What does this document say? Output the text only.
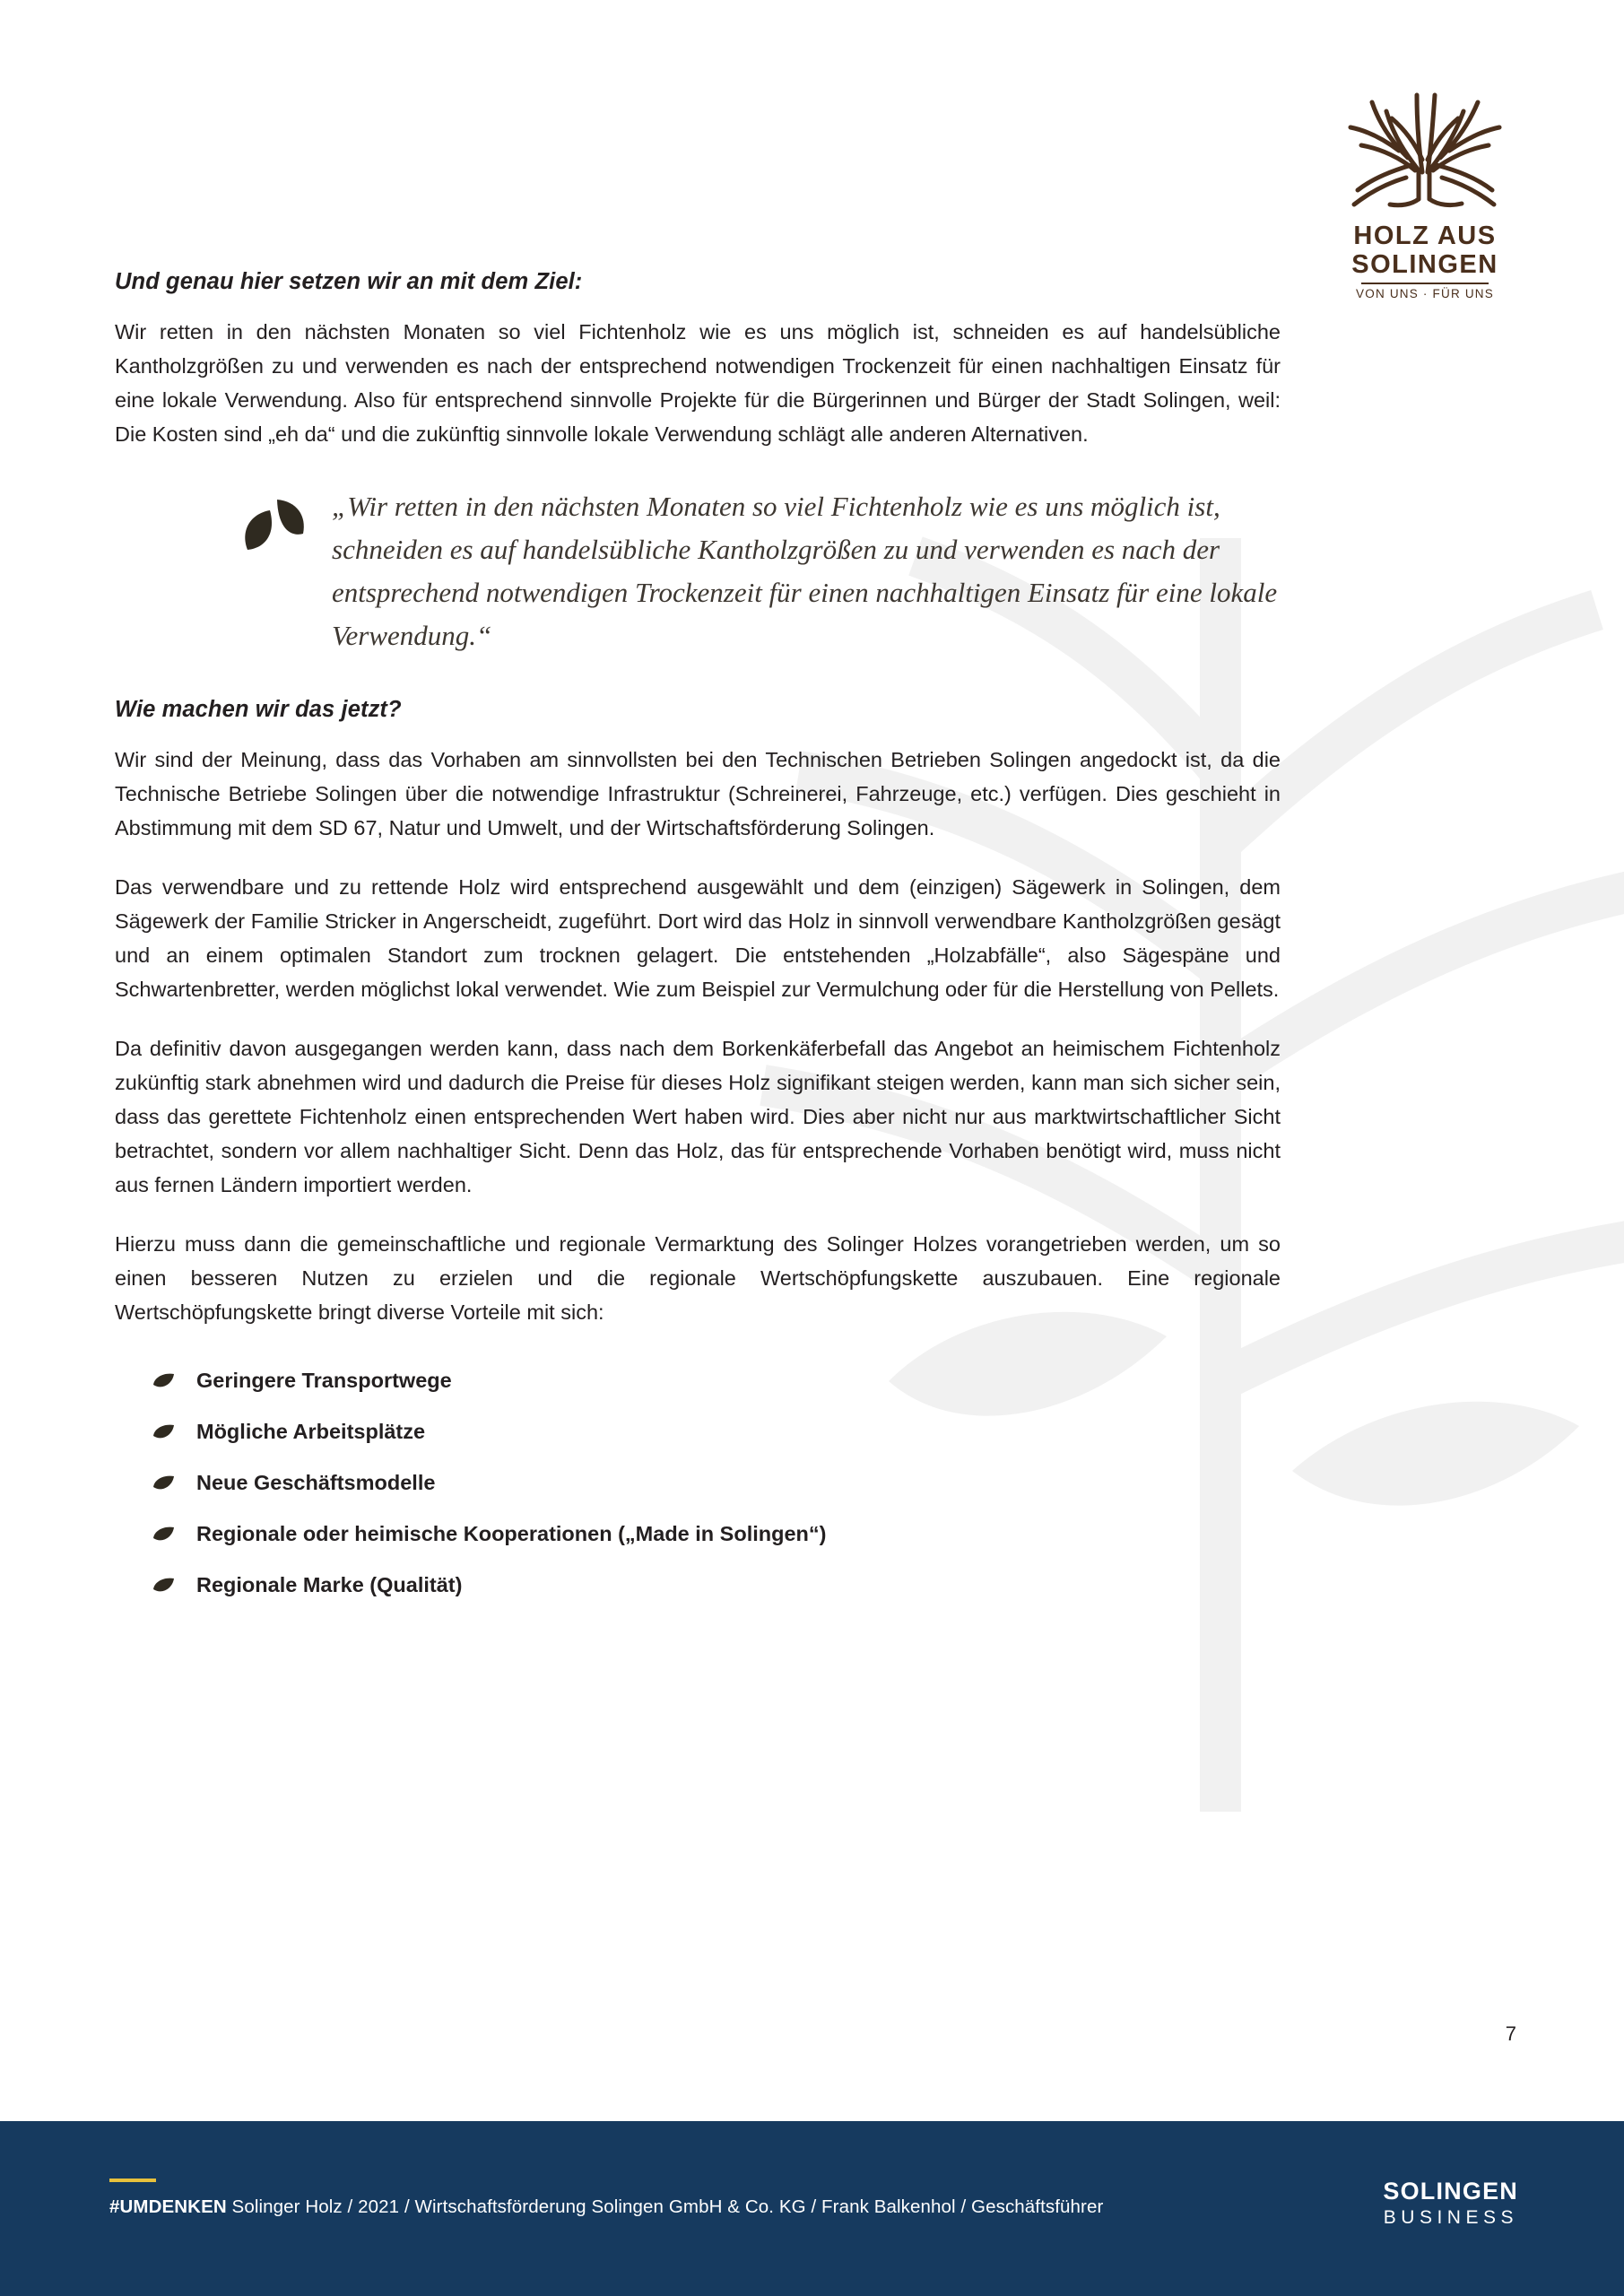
HOLZ AUS
SOLINGEN
VON UNS · FÜR UNS
Und genau hier setzen wir an mit dem Ziel:

Wir retten in den nächsten Monaten so viel Fichtenholz wie es uns möglich ist, schneiden es auf handelsübliche Kantholzgrößen zu und verwenden es nach der entsprechend notwendigen Trockenzeit für einen nachhaltigen Einsatz für eine lokale Verwendung. Also für entsprechend sinnvolle Projekte für die Bürgerinnen und Bürger der Stadt Solingen, weil: Die Kosten sind „eh da“ und die zukünftig sinnvolle lokale Verwendung schlägt alle anderen Alternativen.

„Wir retten in den nächsten Monaten so viel Fichtenholz wie es uns möglich ist, schneiden es auf handelsübliche Kantholzgrößen zu und verwenden es nach der entsprechend notwendigen Trockenzeit für einen nachhaltigen Einsatz für eine lokale Verwendung.“
Wie machen wir das jetzt?

Wir sind der Meinung, dass das Vorhaben am sinnvollsten bei den Technischen Betrieben Solingen angedockt ist, da die Technische Betriebe Solingen über die notwendige Infrastruktur (Schreinerei, Fahrzeuge, etc.) verfügen. Dies geschieht in Abstimmung mit dem SD 67, Natur und Umwelt, und der Wirtschaftsförderung Solingen.

Das verwendbare und zu rettende Holz wird entsprechend ausgewählt und dem (einzigen) Sägewerk in Solingen, dem Sägewerk der Familie Stricker in Angerscheidt, zugeführt. Dort wird das Holz in sinnvoll verwendbare Kantholzgrößen gesägt und an einem optimalen Standort zum trocknen gelagert. Die entstehenden „Holzabfälle“, also Sägespäne und Schwartenbretter, werden möglichst lokal verwendet. Wie zum Beispiel zur Vermulchung oder für die Herstellung von Pellets.

Da definitiv davon ausgegangen werden kann, dass nach dem Borkenkäferbefall das Angebot an heimischem Fichtenholz zukünftig stark abnehmen wird und dadurch die Preise für dieses Holz signifikant steigen werden, kann man sich sicher sein, dass das gerettete Fichtenholz einen entsprechenden Wert haben wird. Dies aber nicht nur aus marktwirtschaftlicher Sicht betrachtet, sondern vor allem nachhaltiger Sicht. Denn das Holz, das für entsprechende Vorhaben benötigt wird, muss nicht aus fernen Ländern importiert werden.

Hierzu muss dann die gemeinschaftliche und regionale Vermarktung des Solinger Holzes vorangetrieben werden, um so einen besseren Nutzen zu erzielen und die regionale Wertschöpfungskette auszubauen. Eine regionale Wertschöpfungskette bringt diverse Vorteile mit sich:

Geringere Transportwege
Mögliche Arbeitsplätze
Neue Geschäftsmodelle
Regionale oder heimische Kooperationen („Made in Solingen“)
Regionale Marke (Qualität)
7
#UMDENKEN Solinger Holz / 2021 / Wirtschaftsförderung Solingen GmbH & Co. KG / Frank Balkenhol / Geschäftsführer
SOLINGEN
BUSINESS
